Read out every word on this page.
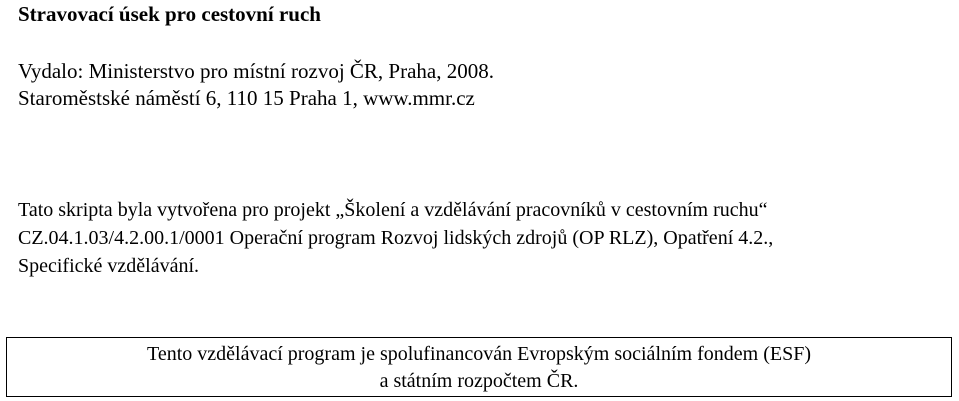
Stravovací úsek pro cestovní ruch
Vydalo: Ministerstvo pro místní rozvoj ČR, Praha, 2008.
Staroměstské náměstí 6, 110 15 Praha 1, www.mmr.cz
Tato skripta byla vytvořena pro projekt „Školení a vzdělávání pracovníků v cestovním ruchu“
CZ.04.1.03/4.2.00.1/0001 Operační program Rozvoj lidských zdrojů (OP RLZ), Opatření 4.2.,
Specifické vzdělávání.
Tento vzdělávací program je spolufinancován Evropským sociálním fondem (ESF)
a státním rozpočtem ČR.
